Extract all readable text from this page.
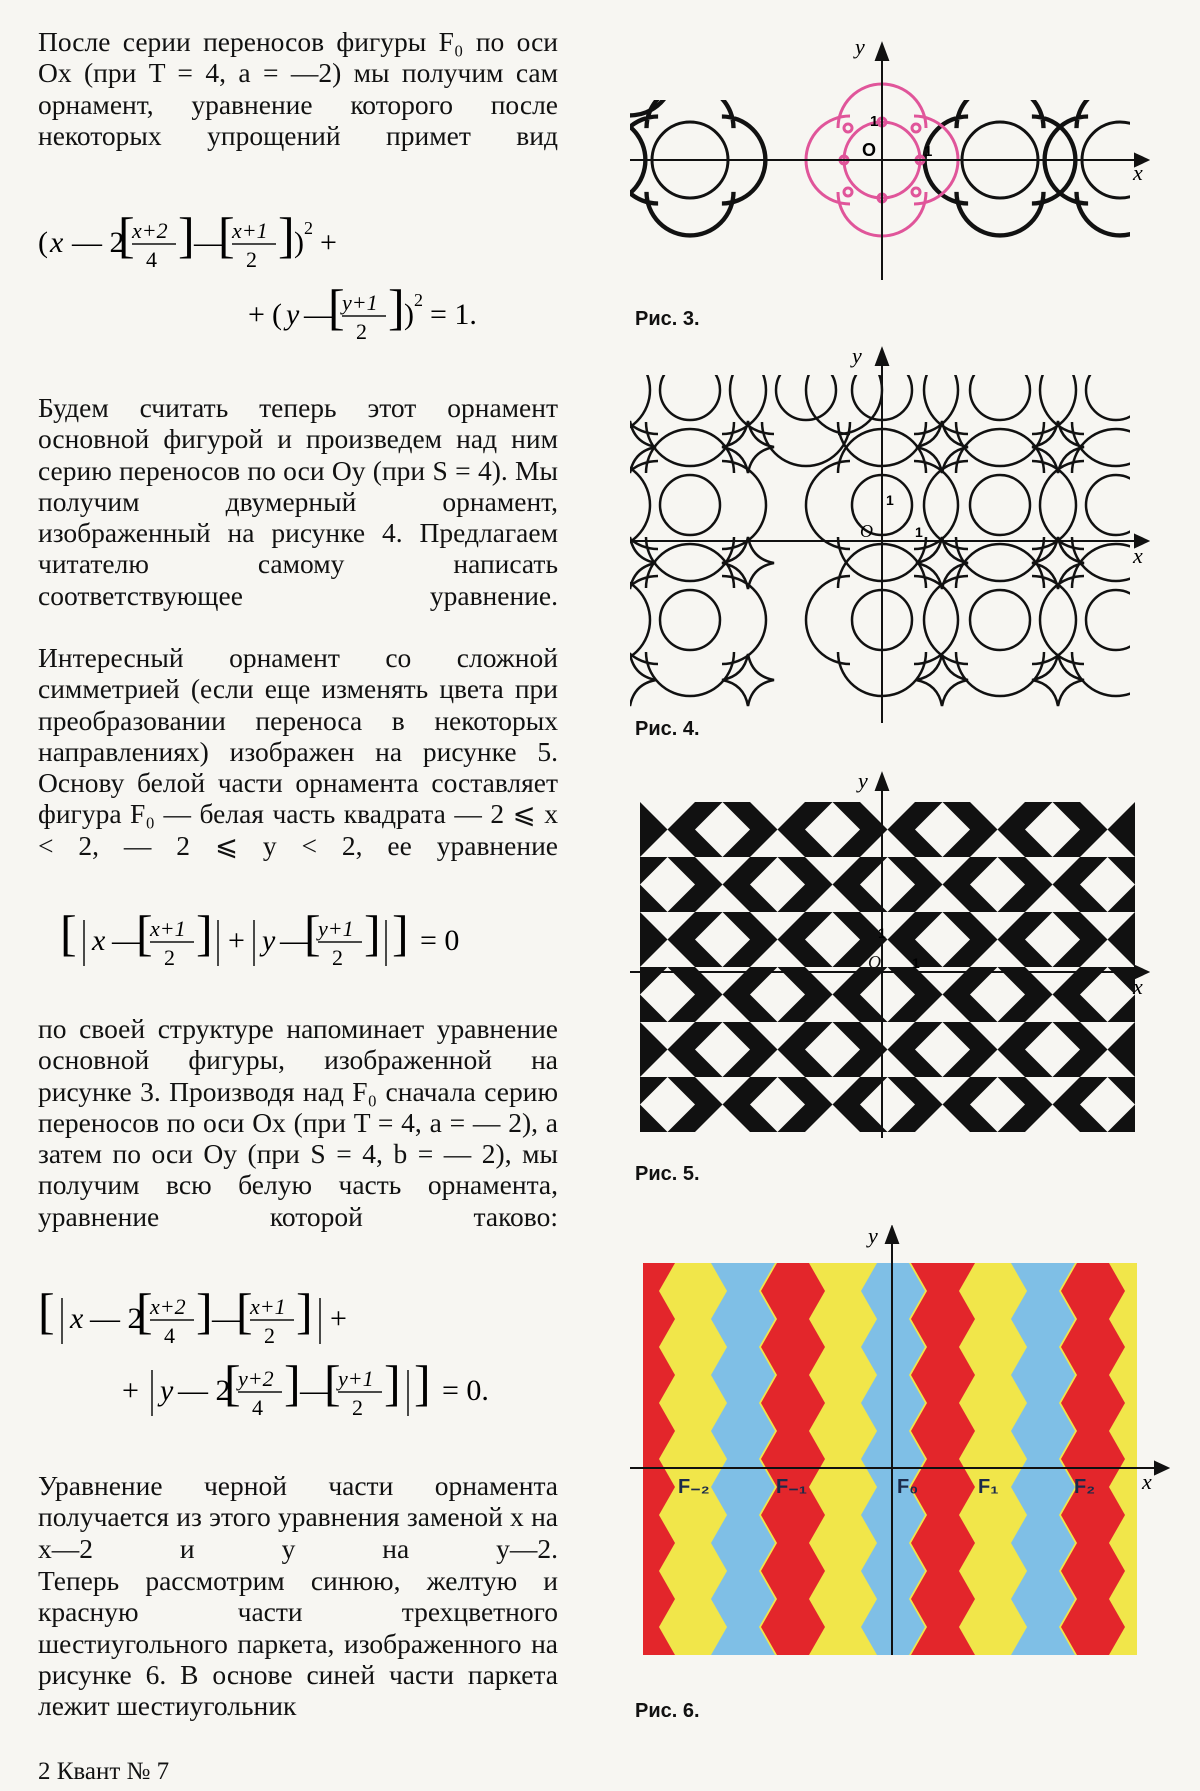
После серии переносов фигуры F₀ по оси Ox (при T = 4, a = —2) мы получим сам орнамент, уравнение которого после некоторых упрощений примет вид

( x — 2
[
x+2
4 ] —
[
x+1
2 ] ) 2 +
+ ( y —
[
y+1
2 ] ) 2 = 1.

Будем считать теперь этот орнамент основной фигурой и произведем над ним серию переносов по оси Oy (при S = 4). Мы получим двумерный орнамент, изображенный на рисунке 4. Предлагаем читателю самому написать соответствующее уравнение.

Интересный орнамент со сложной симметрией (если еще изменять цвета при преобразовании переноса в некоторых направлениях) изображен на рисунке 5. Основу белой части орнамента составляет фигура F₀ — белая часть квадрата — 2 ⩽ x < 2, — 2 ⩽ y < 2, ее уравнение

[ x —
[
x+1
2 ] + y —
[
y+1
2 ] ] = 0

по своей структуре напоминает уравнение основной фигуры, изображенной на рисунке 3. Производя над F₀ сначала серию переносов по оси Ox (при T = 4, a = — 2), а затем по оси Oy (при S = 4, b = — 2), мы получим всю белую часть орнамента, уравнение которой таково:

[ x — 2
[
x+2
4 ] —
[
x+1
2 ] +
+ y — 2
[
y+2
4 ] —
[
y+1
2 ] ] = 0.

Уравнение черной части орнамента получается из этого уравнения заменой x на x—2 и y на y—2.

Теперь рассмотрим синюю, желтую и красную части трехцветного шестиугольного паркета, изображенного на рисунке 6. В основе синей части паркета лежит шестиугольник

y
x
O
1
1
Рис. 3.
y
x
O
1
1
Рис. 4.
y
x
O
1
1
Рис. 5.
y
x
F₋₂	F₋₁	F₀	F₁	F₂
Рис. 6.
2 Квант № 7
